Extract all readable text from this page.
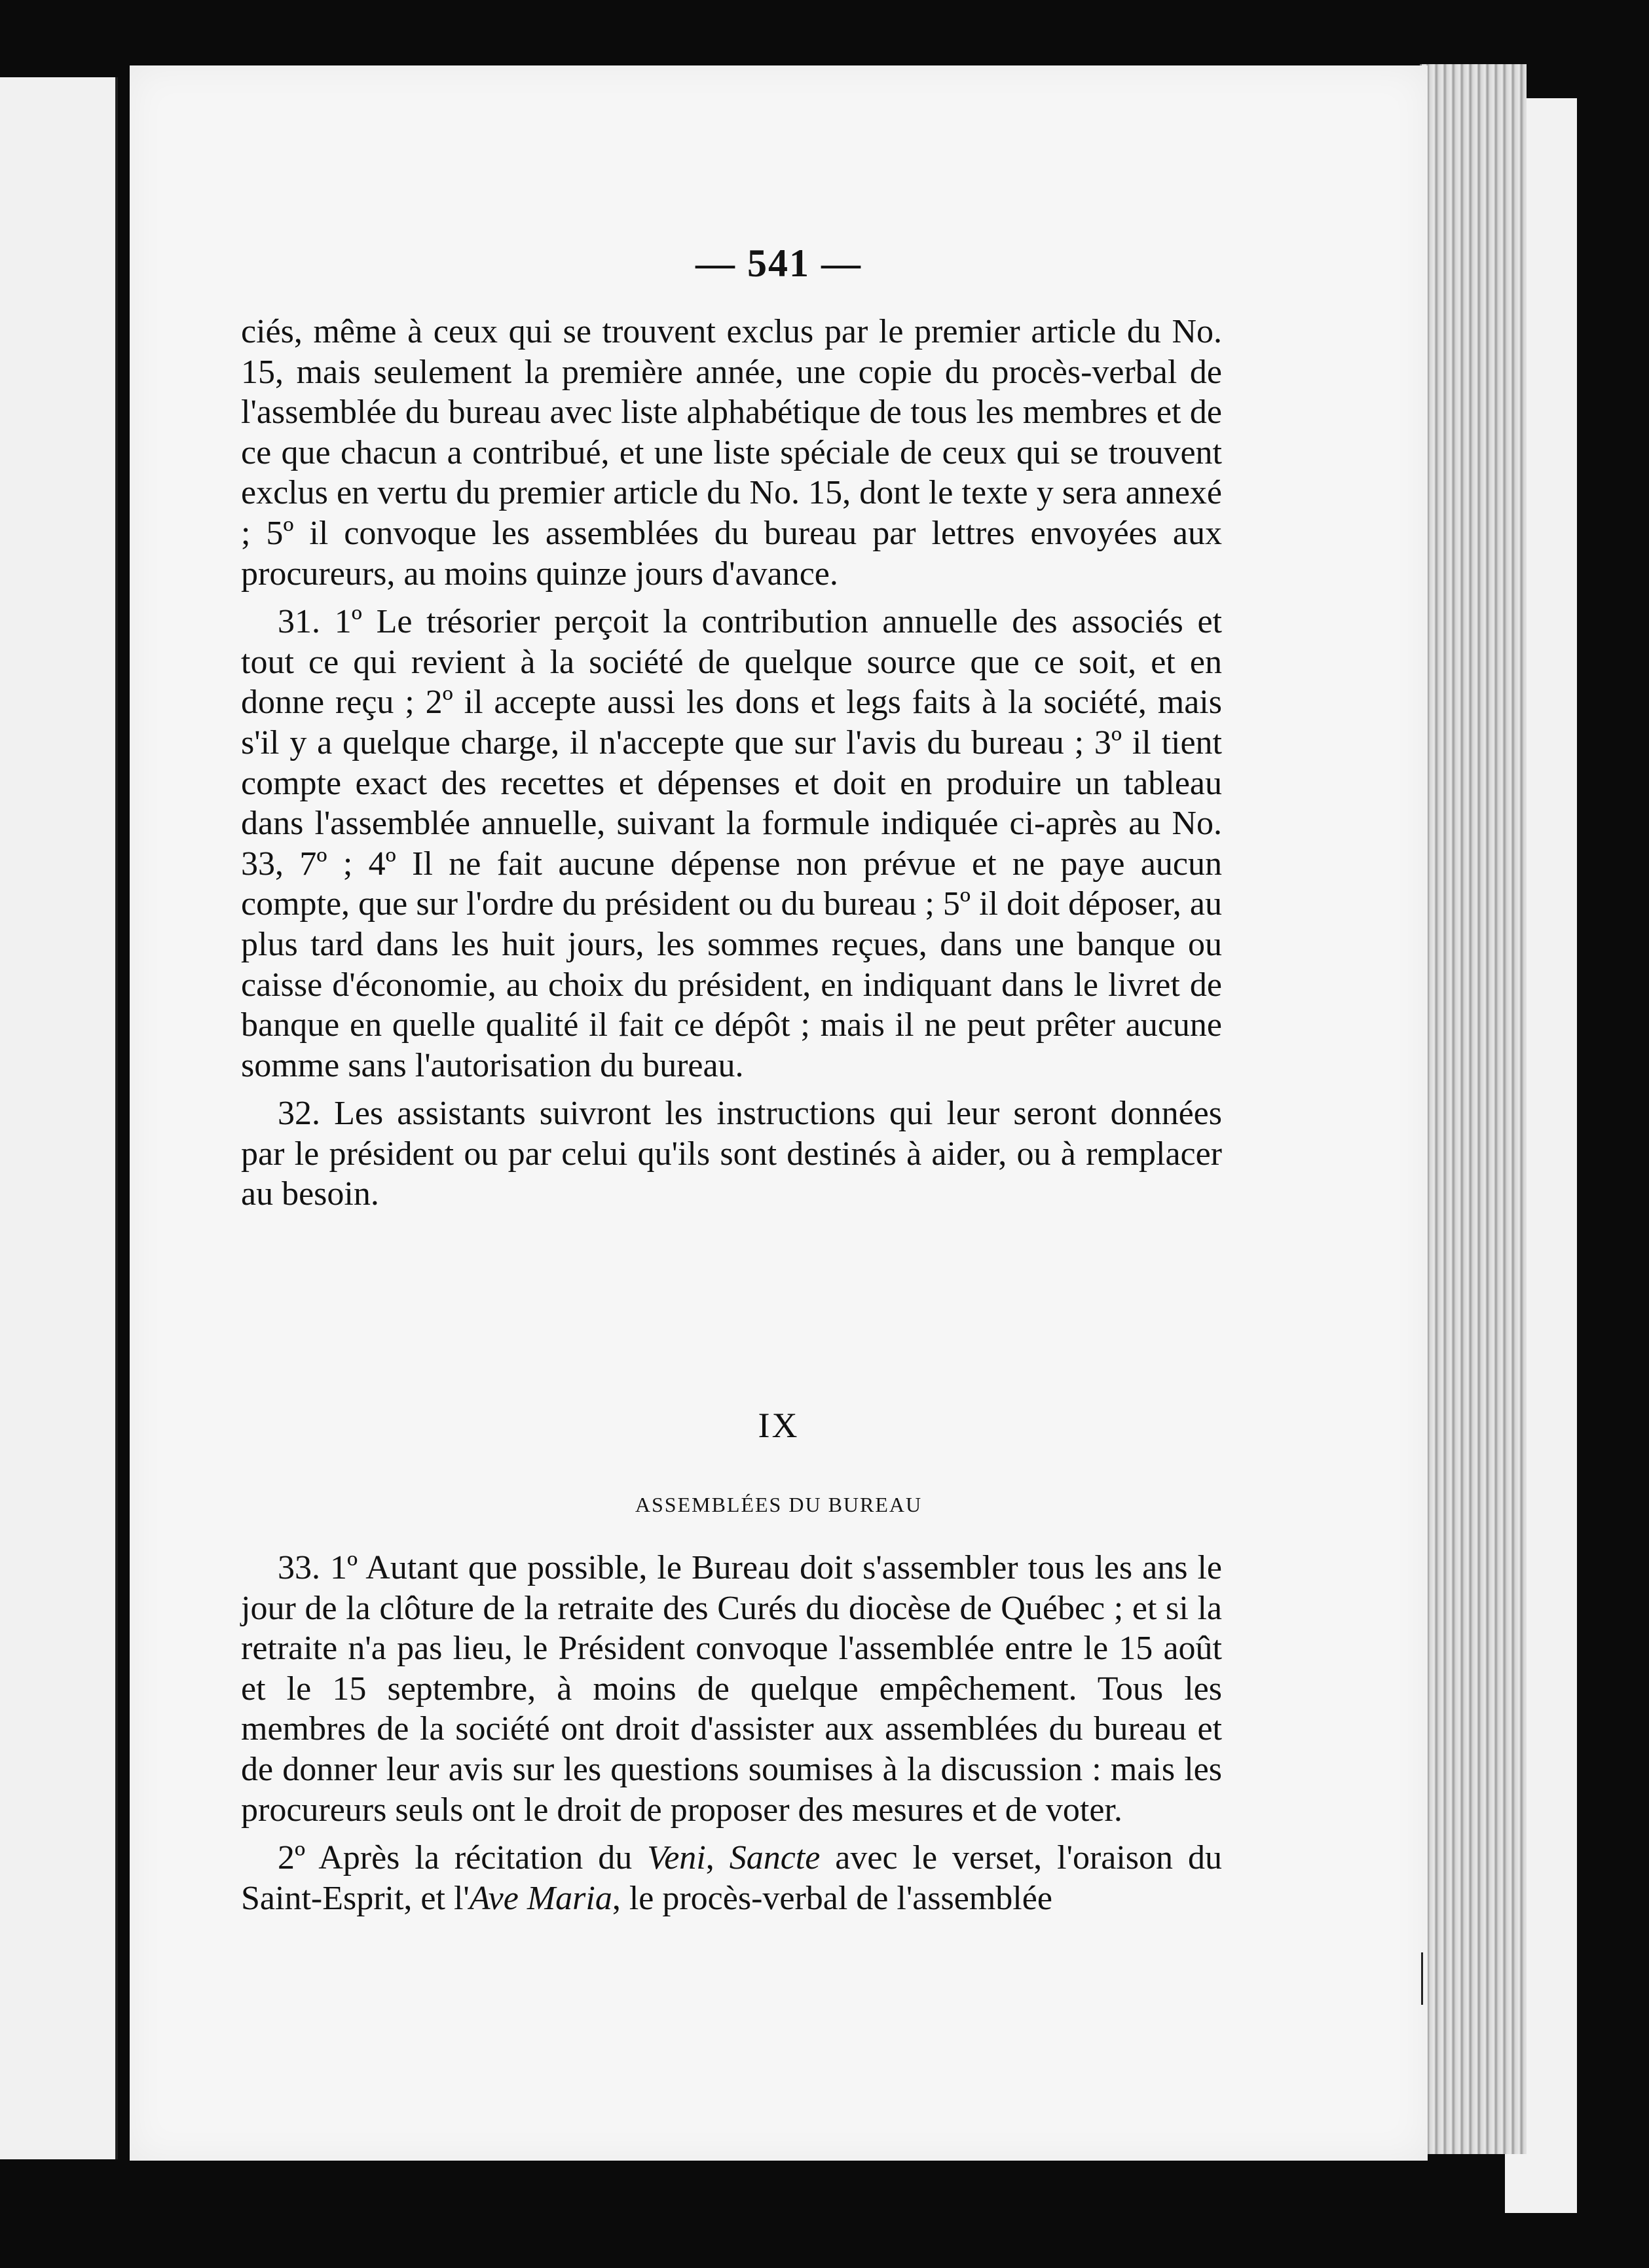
— 541 —

ciés, même à ceux qui se trouvent exclus par le premier article du No. 15, mais seulement la première année, une copie du procès-verbal de l'assemblée du bureau avec liste alphabétique de tous les membres et de ce que chacun a contribué, et une liste spéciale de ceux qui se trouvent exclus en vertu du premier article du No. 15, dont le texte y sera annexé ; 5º il convoque les assemblées du bureau par lettres envoyées aux procureurs, au moins quinze jours d'avance.

31. 1º Le trésorier perçoit la contribution annuelle des associés et tout ce qui revient à la société de quelque source que ce soit, et en donne reçu ; 2º il accepte aussi les dons et legs faits à la société, mais s'il y a quelque charge, il n'accepte que sur l'avis du bureau ; 3º il tient compte exact des recettes et dépenses et doit en produire un tableau dans l'assemblée annuelle, suivant la formule indiquée ci-après au No. 33, 7º ; 4º Il ne fait aucune dépense non prévue et ne paye aucun compte, que sur l'ordre du président ou du bureau ; 5º il doit déposer, au plus tard dans les huit jours, les sommes reçues, dans une banque ou caisse d'économie, au choix du président, en indiquant dans le livret de banque en quelle qualité il fait ce dépôt ; mais il ne peut prêter aucune somme sans l'autorisation du bureau.

32. Les assistants suivront les instructions qui leur seront données par le président ou par celui qu'ils sont destinés à aider, ou à remplacer au besoin.

IX
ASSEMBLÉES DU BUREAU

33. 1º Autant que possible, le Bureau doit s'assembler tous les ans le jour de la clôture de la retraite des Curés du diocèse de Québec ; et si la retraite n'a pas lieu, le Président convoque l'assemblée entre le 15 août et le 15 septembre, à moins de quelque empêchement. Tous les membres de la société ont droit d'assister aux assemblées du bureau et de donner leur avis sur les questions soumises à la discussion : mais les procureurs seuls ont le droit de proposer des mesures et de voter.

2º Après la récitation du Veni, Sancte avec le verset, l'oraison du Saint-Esprit, et l'Ave Maria, le procès-verbal de l'assemblée
